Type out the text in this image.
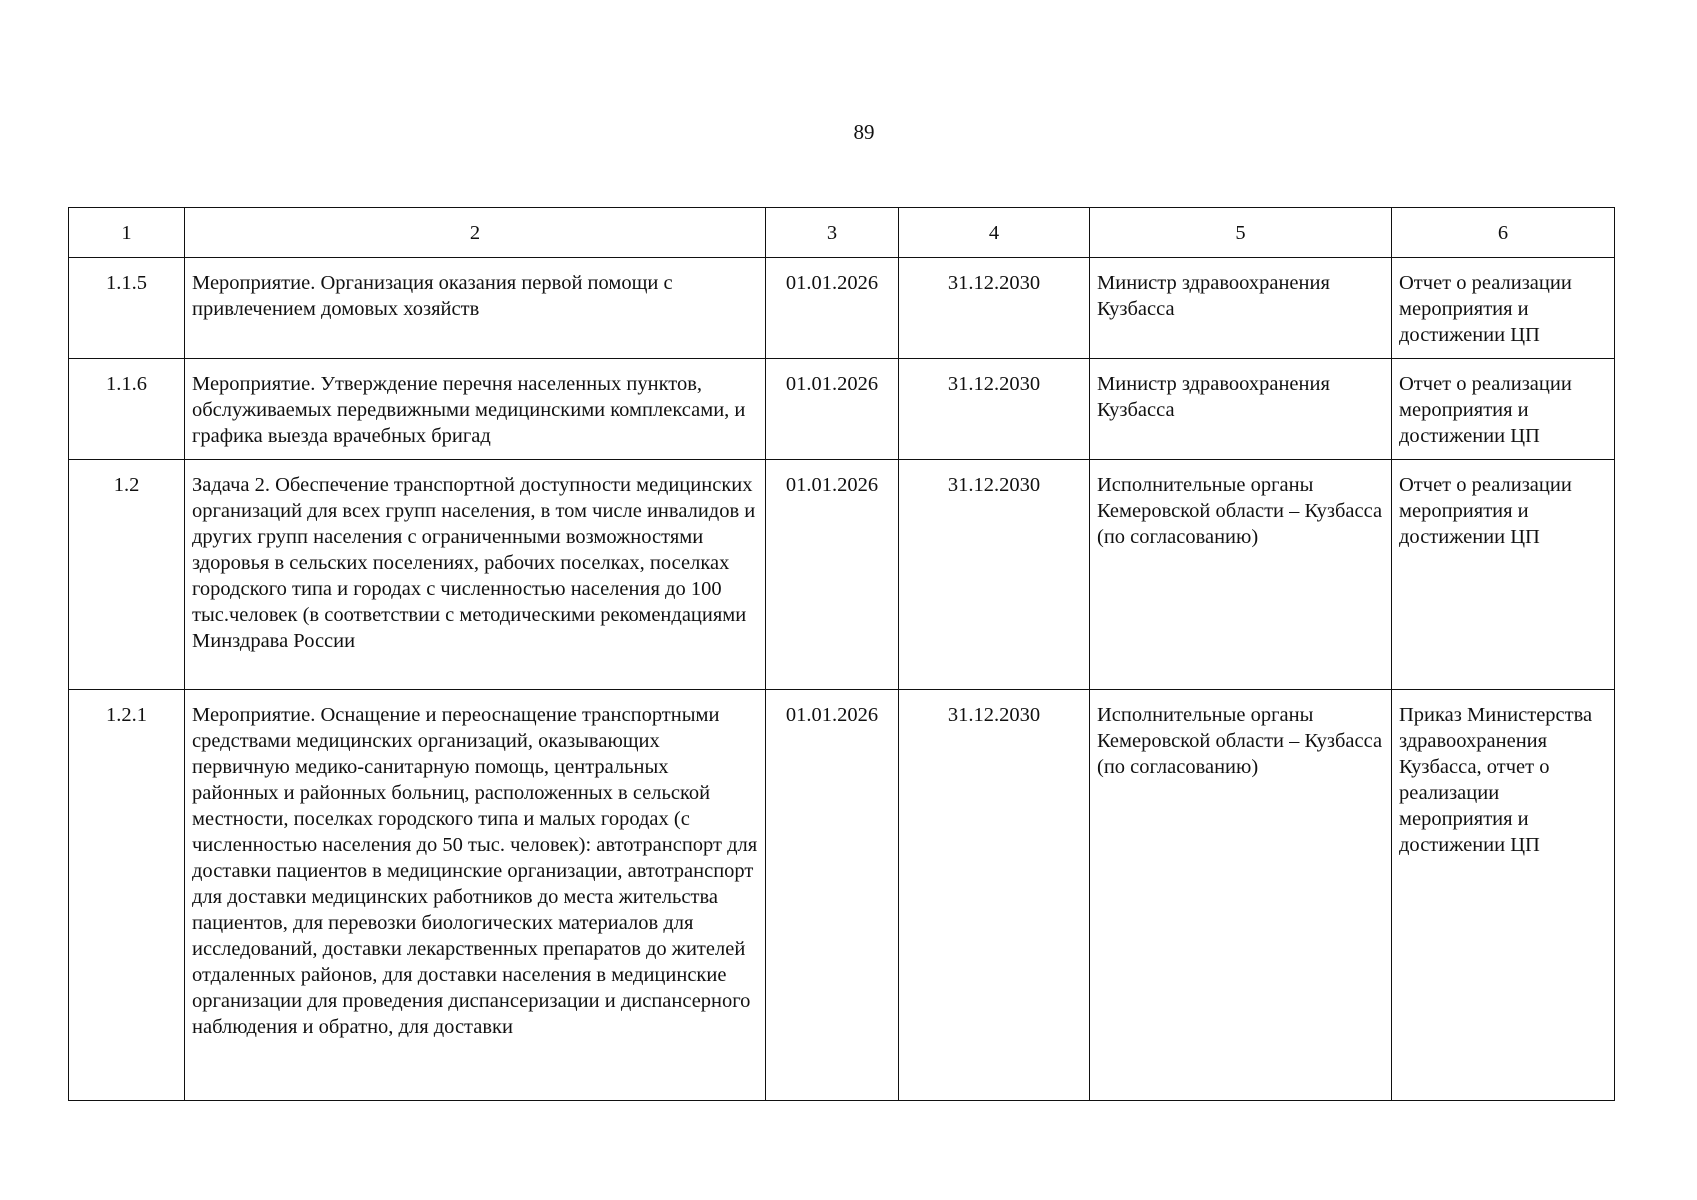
89
1	2	3	4	5	6
1.1.5	Мероприятие. Организация оказания первой помощи с привлечением домовых хозяйств	01.01.2026	31.12.2030	Министр здравоохранения Кузбасса	Отчет о реализации мероприятия и достижении ЦП
1.1.6	Мероприятие. Утверждение перечня населенных пунктов, обслуживаемых передвижными медицинскими комплексами, и графика выезда врачебных бригад	01.01.2026	31.12.2030	Министр здравоохранения Кузбасса	Отчет о реализации мероприятия и достижении ЦП
1.2	Задача 2. Обеспечение транспортной доступности медицинских организаций для всех групп населения, в том числе инвалидов и других групп населения с ограниченными возможностями здоровья в сельских поселениях, рабочих поселках, поселках городского типа и городах с численностью населения до 100 тыс.человек (в соответствии с методическими рекомендациями Минздрава России	01.01.2026	31.12.2030	Исполнительные органы Кемеровской области – Кузбасса (по согласованию)	Отчет о реализации мероприятия и достижении ЦП
1.2.1	Мероприятие. Оснащение и переоснащение транспортными средствами медицинских организаций, оказывающих первичную медико-санитарную помощь, центральных районных и районных больниц, расположенных в сельской местности, поселках городского типа и малых городах (с численностью населения до 50 тыс. человек): автотранспорт для доставки пациентов в медицинские организации, автотранспорт для доставки медицинских работников до места жительства пациентов, для перевозки биологических материалов для исследований, доставки лекарственных препаратов до жителей отдаленных районов, для доставки населения в медицинские организации для проведения диспансеризации и диспансерного наблюдения и обратно, для доставки	01.01.2026	31.12.2030	Исполнительные органы Кемеровской области – Кузбасса (по согласованию)	Приказ Министерства здравоохранения Кузбасса, отчет о реализации мероприятия и достижении ЦП
